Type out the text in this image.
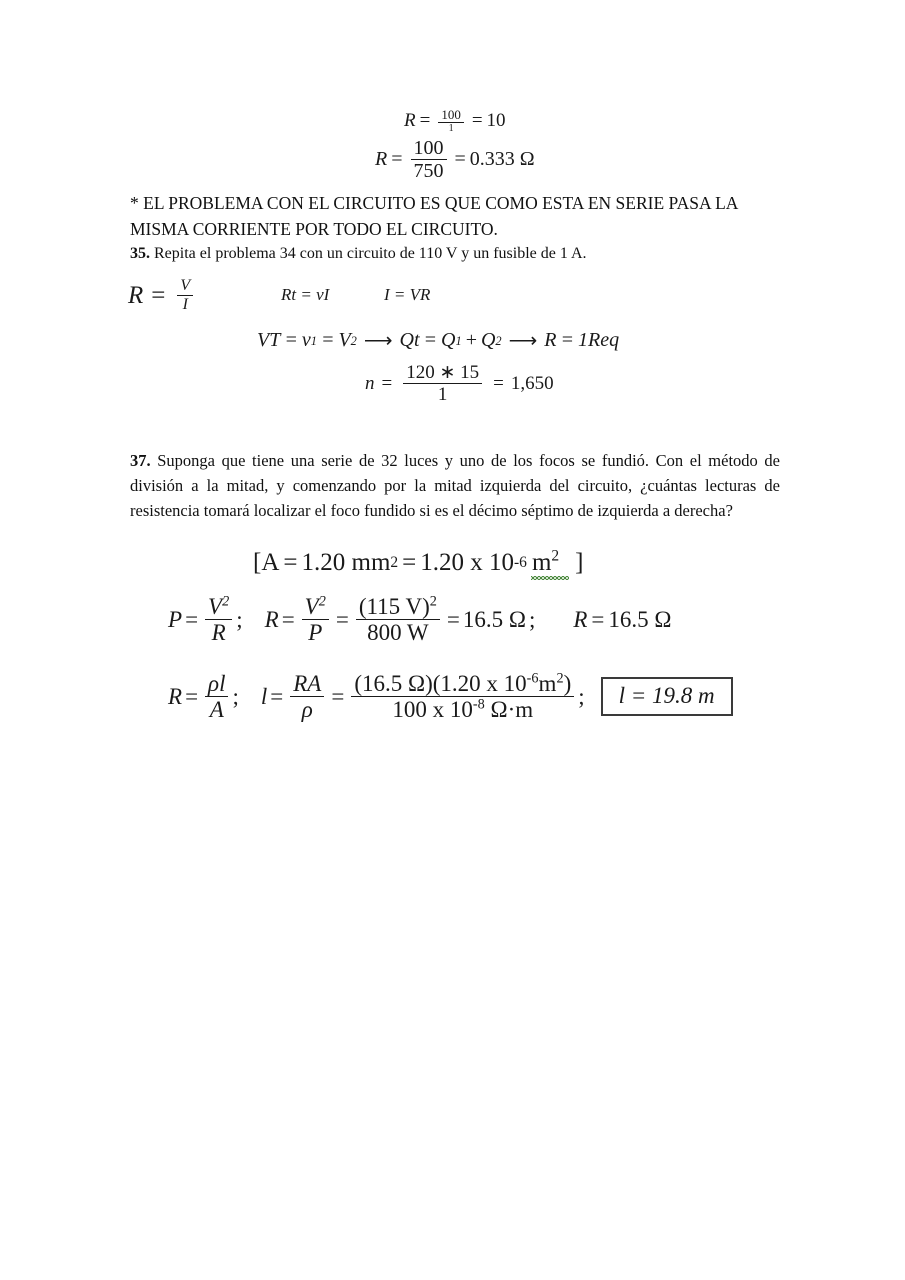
$R = \frac{100}{1} = 10$
$R = \frac{100}{750} = 0.333$ Ω
* EL PROBLEMA CON EL CIRCUITO ES QUE COMO ESTA EN SERIE PASA LA
MISMA CORRIENTE POR TODO EL CIRCUITO.
35. Repita el problema 34 con un circuito de 110 V y un fusible de 1 A.
$R = \frac{V}{I}$	Rt = vI	I = VR
VT = v 1 = V 2 ⟶ Qt = Q 1 + Q 2 ⟶ R = 1Req
$n = \frac{120 ∗ 15}{1} = 1,650$
37. Suponga que tiene una serie de 32 luces y uno de los focos se fundió. Con el método de división a la mitad, y comenzando por la mitad izquierda del circuito, ¿cuántas lecturas de resistencia tomará localizar el foco fundido si es el décimo séptimo de izquierda a derecha?
[ A = 1.20 mm 2 = 1.20 x 10 -6 $m^2$ ]
$P = \frac{V^2}{R}$ ; $R = \frac{V^2}{P} = \frac{(115 V)^2}{800 W} = 16.5$ Ω ; R = 16.5 Ω
$R = \frac{\rho l}{A}$ ; $l = \frac{RA}{\rho} = \frac{(16.5 \Omega)(1.20 x 10^{-6}m^2)}{100 x 10^{-8} \Omega\cdot m}$ ;	l = 19.8 m
